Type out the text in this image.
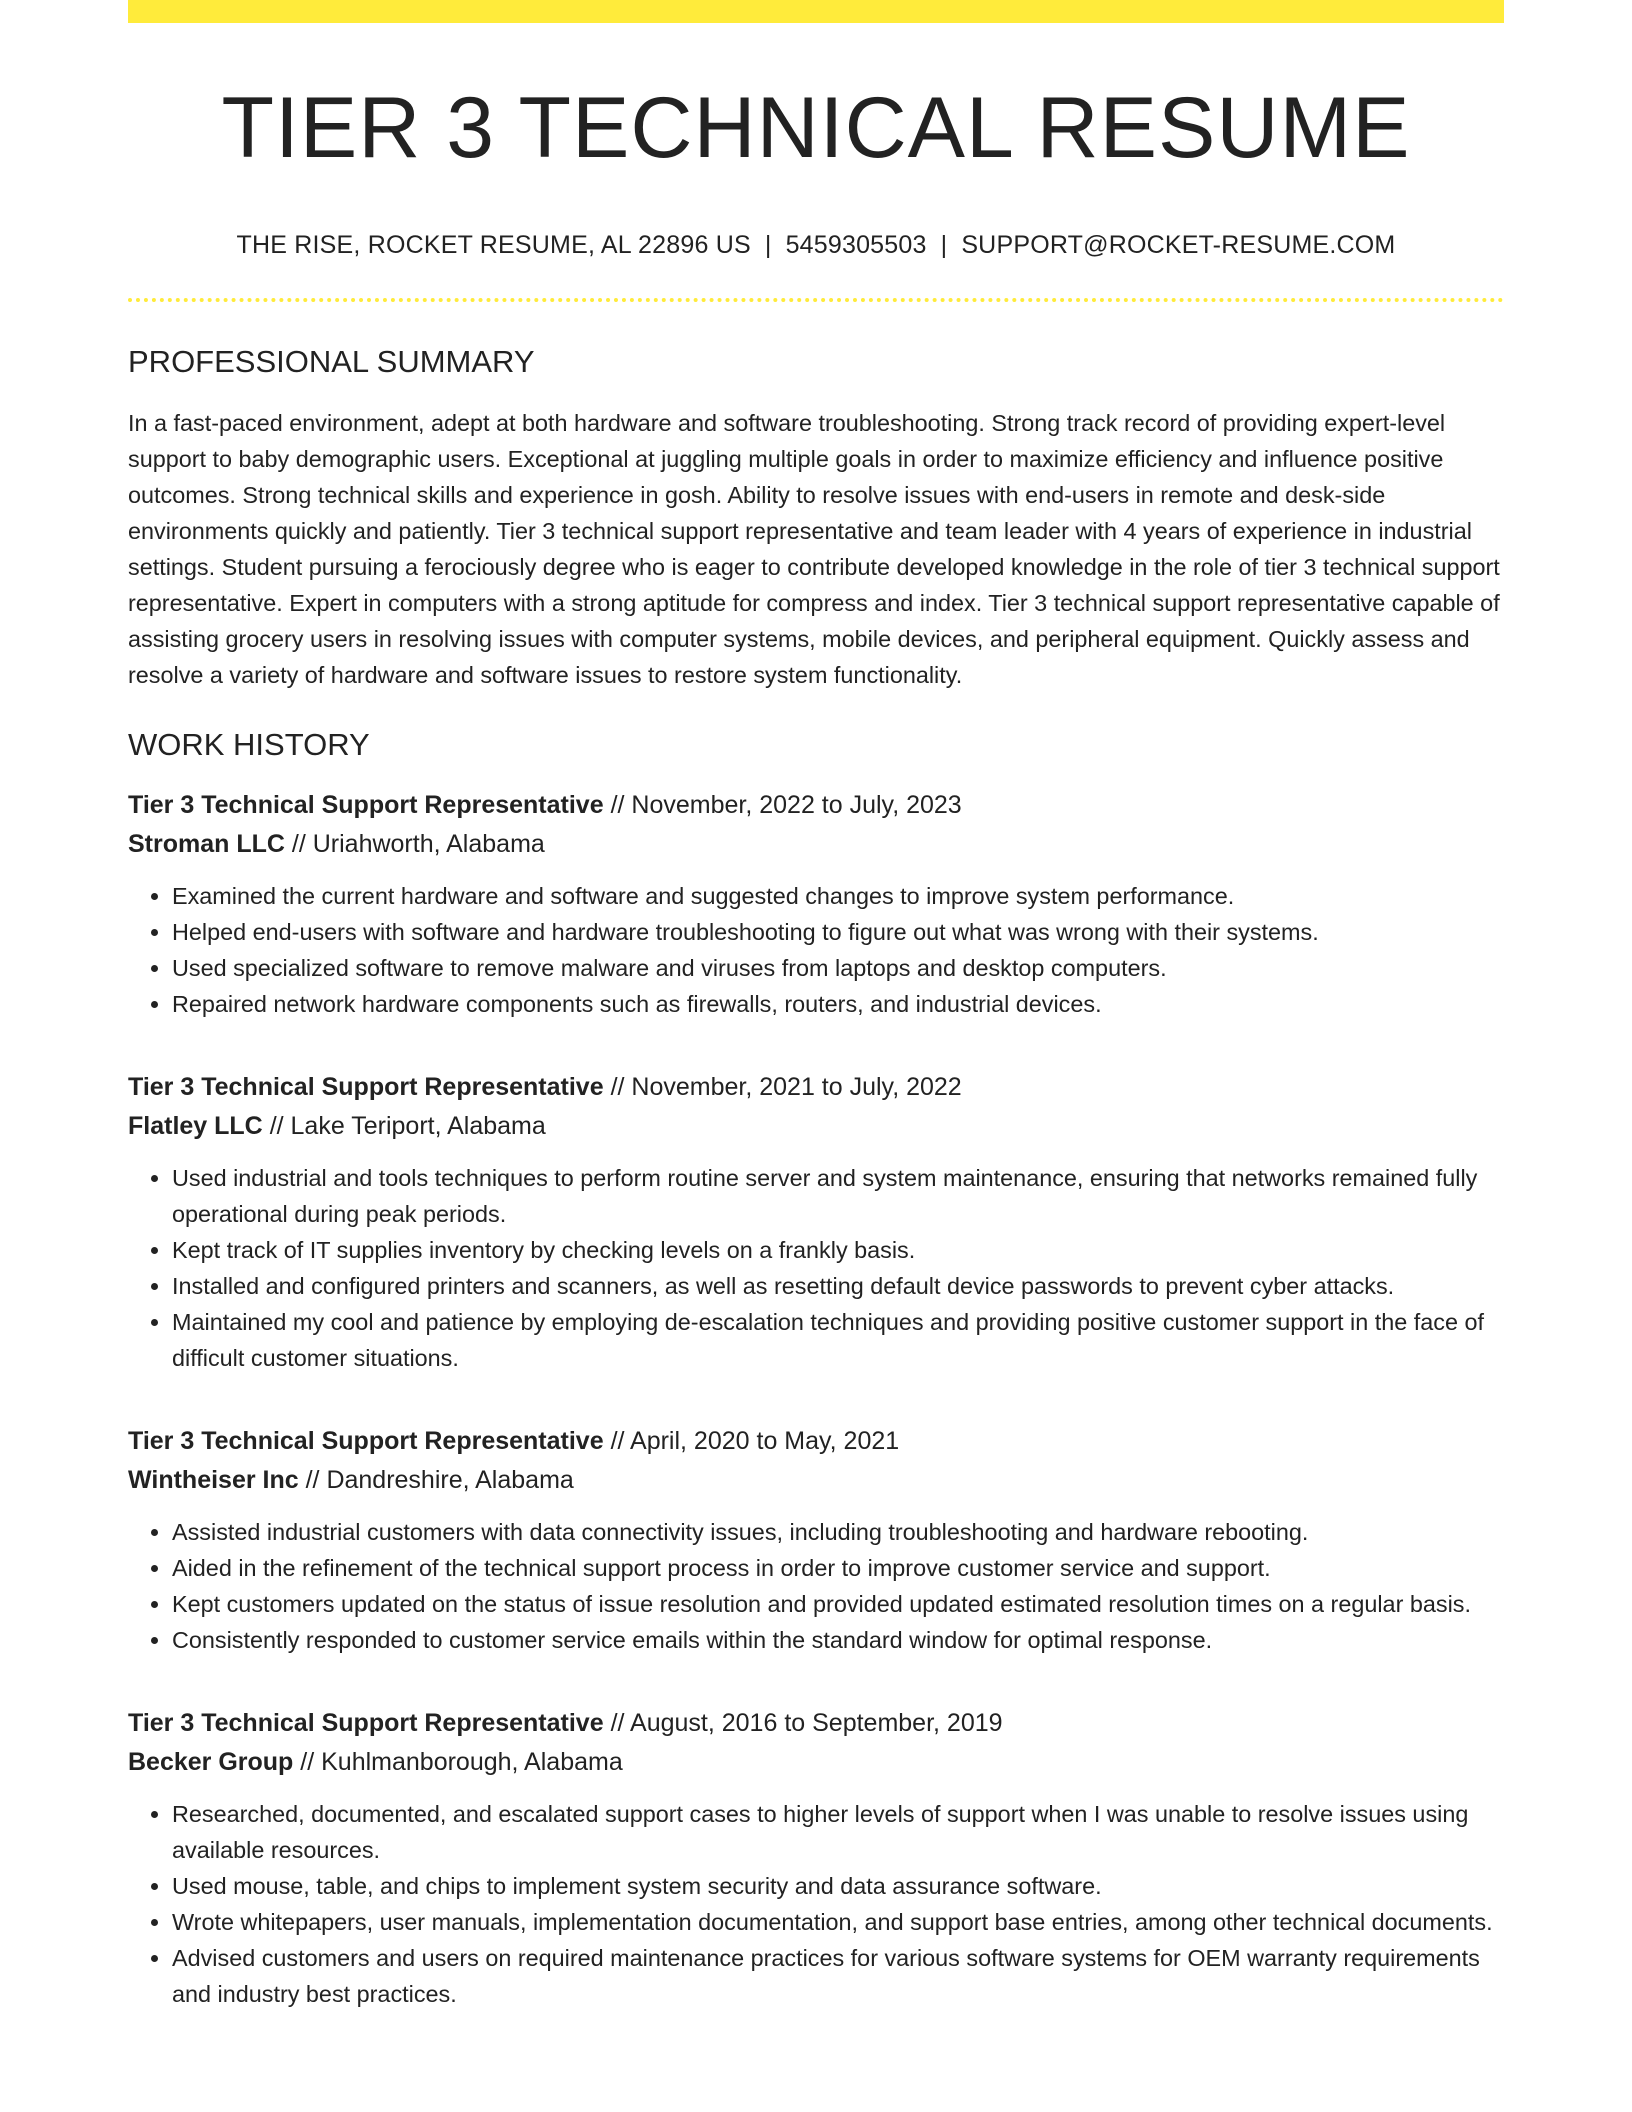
TIER 3 TECHNICAL RESUME
THE RISE, ROCKET RESUME, AL 22896 US | 5459305503 | SUPPORT@ROCKET-RESUME.COM
PROFESSIONAL SUMMARY

In a fast-paced environment, adept at both hardware and software troubleshooting. Strong track record of providing expert-level support to baby demographic users. Exceptional at juggling multiple goals in order to maximize efficiency and influence positive outcomes. Strong technical skills and experience in gosh. Ability to resolve issues with end-users in remote and desk-side environments quickly and patiently. Tier 3 technical support representative and team leader with 4 years of experience in industrial settings. Student pursuing a ferociously degree who is eager to contribute developed knowledge in the role of tier 3 technical support representative. Expert in computers with a strong aptitude for compress and index. Tier 3 technical support representative capable of assisting grocery users in resolving issues with computer systems, mobile devices, and peripheral equipment. Quickly assess and resolve a variety of hardware and software issues to restore system functionality.

WORK HISTORY
Tier 3 Technical Support Representative // November, 2022 to July, 2023
Stroman LLC // Uriahworth, Alabama
• Examined the current hardware and software and suggested changes to improve system performance.
• Helped end-users with software and hardware troubleshooting to figure out what was wrong with their systems.
• Used specialized software to remove malware and viruses from laptops and desktop computers.
• Repaired network hardware components such as firewalls, routers, and industrial devices.
Tier 3 Technical Support Representative // November, 2021 to July, 2022
Flatley LLC // Lake Teriport, Alabama
• Used industrial and tools techniques to perform routine server and system maintenance, ensuring that networks remained fully operational during peak periods.
• Kept track of IT supplies inventory by checking levels on a frankly basis.
• Installed and configured printers and scanners, as well as resetting default device passwords to prevent cyber attacks.
• Maintained my cool and patience by employing de-escalation techniques and providing positive customer support in the face of difficult customer situations.
Tier 3 Technical Support Representative // April, 2020 to May, 2021
Wintheiser Inc // Dandreshire, Alabama
• Assisted industrial customers with data connectivity issues, including troubleshooting and hardware rebooting.
• Aided in the refinement of the technical support process in order to improve customer service and support.
• Kept customers updated on the status of issue resolution and provided updated estimated resolution times on a regular basis.
• Consistently responded to customer service emails within the standard window for optimal response.
Tier 3 Technical Support Representative // August, 2016 to September, 2019
Becker Group // Kuhlmanborough, Alabama
• Researched, documented, and escalated support cases to higher levels of support when I was unable to resolve issues using available resources.
• Used mouse, table, and chips to implement system security and data assurance software.
• Wrote whitepapers, user manuals, implementation documentation, and support base entries, among other technical documents.
• Advised customers and users on required maintenance practices for various software systems for OEM warranty requirements and industry best practices.
